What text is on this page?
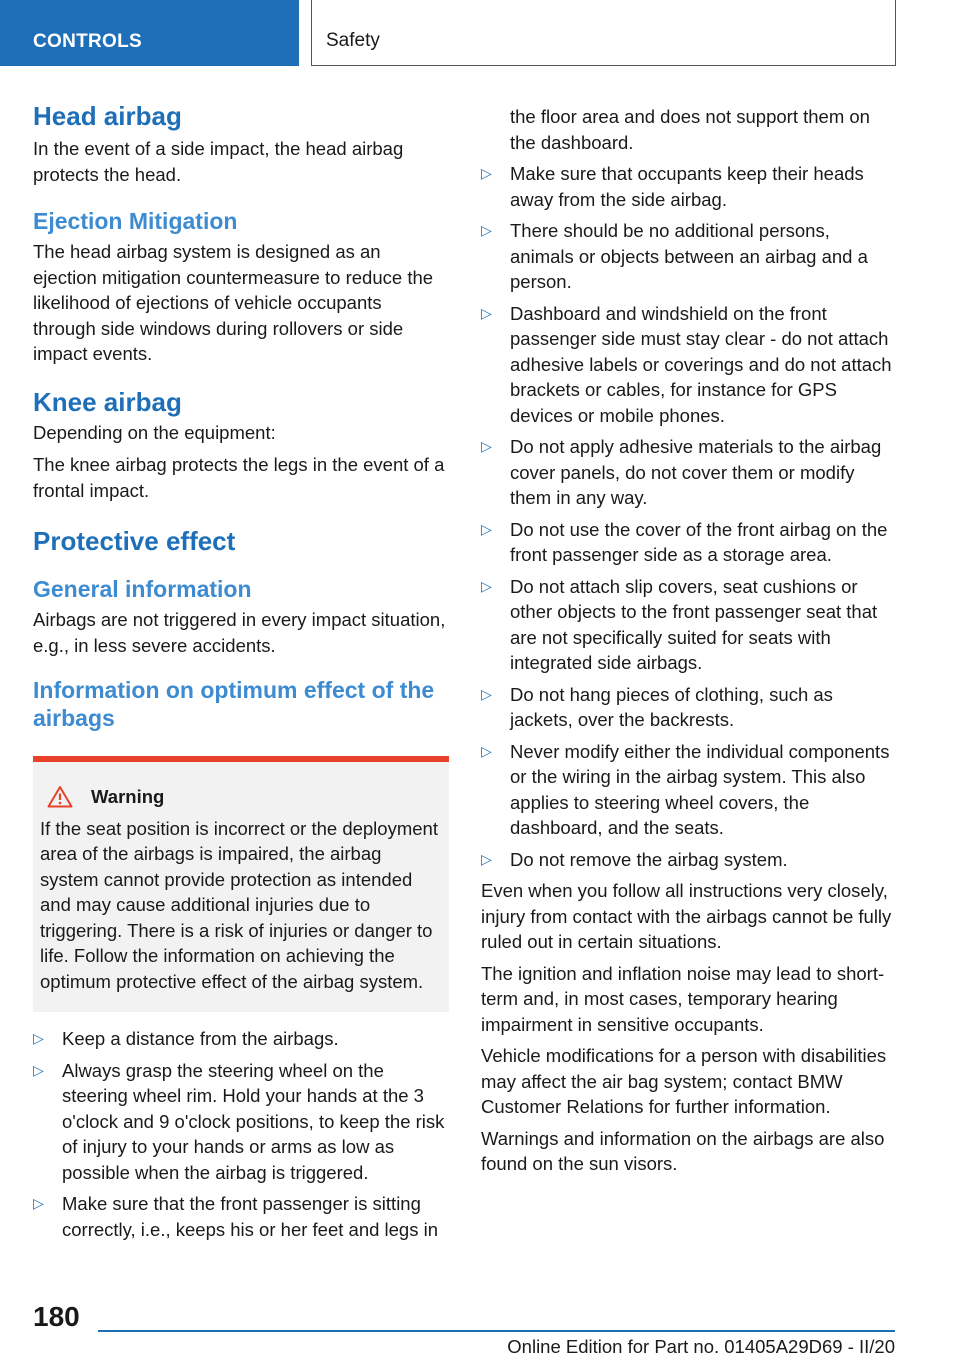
CONTROLS	Safety
Head airbag

In the event of a side impact, the head airbag protects the head.

Ejection Mitigation

The head airbag system is designed as an ejection mitigation countermeasure to reduce the likelihood of ejections of vehicle occupants through side windows during rollovers or side impact events.

Knee airbag

Depending on the equipment:

The knee airbag protects the legs in the event of a frontal impact.

Protective effect
General information

Airbags are not triggered in every impact situation, e.g., in less severe accidents.

Information on optimum effect of the airbags
Warning

If the seat position is incorrect or the deployment area of the airbags is impaired, the airbag system cannot provide protection as intended and may cause additional injuries due to triggering. There is a risk of injuries or danger to life. Follow the information on achieving the optimum protective effect of the airbag system.

▷ Keep a distance from the airbags.
▷ Always grasp the steering wheel on the steering wheel rim. Hold your hands at the 3 o'clock and 9 o'clock positions, to keep the risk of injury to your hands or arms as low as possible when the airbag is triggered.
▷ Make sure that the front passenger is sitting correctly, i.e., keeps his or her feet and legs in

the floor area and does not support them on the dashboard.

▷ Make sure that occupants keep their heads away from the side airbag.
▷ There should be no additional persons, animals or objects between an airbag and a person.
▷ Dashboard and windshield on the front passenger side must stay clear - do not attach adhesive labels or coverings and do not attach brackets or cables, for instance for GPS devices or mobile phones.
▷ Do not apply adhesive materials to the airbag cover panels, do not cover them or modify them in any way.
▷ Do not use the cover of the front airbag on the front passenger side as a storage area.
▷ Do not attach slip covers, seat cushions or other objects to the front passenger seat that are not specifically suited for seats with integrated side airbags.
▷ Do not hang pieces of clothing, such as jackets, over the backrests.
▷ Never modify either the individual components or the wiring in the airbag system. This also applies to steering wheel covers, the dashboard, and the seats.
▷ Do not remove the airbag system.

Even when you follow all instructions very closely, injury from contact with the airbags cannot be fully ruled out in certain situations.

The ignition and inflation noise may lead to short-term and, in most cases, temporary hearing impairment in sensitive occupants.

Vehicle modifications for a person with disabilities may affect the air bag system; contact BMW Customer Relations for further information.

Warnings and information on the airbags are also found on the sun visors.

180
Online Edition for Part no. 01405A29D69 - II/20
